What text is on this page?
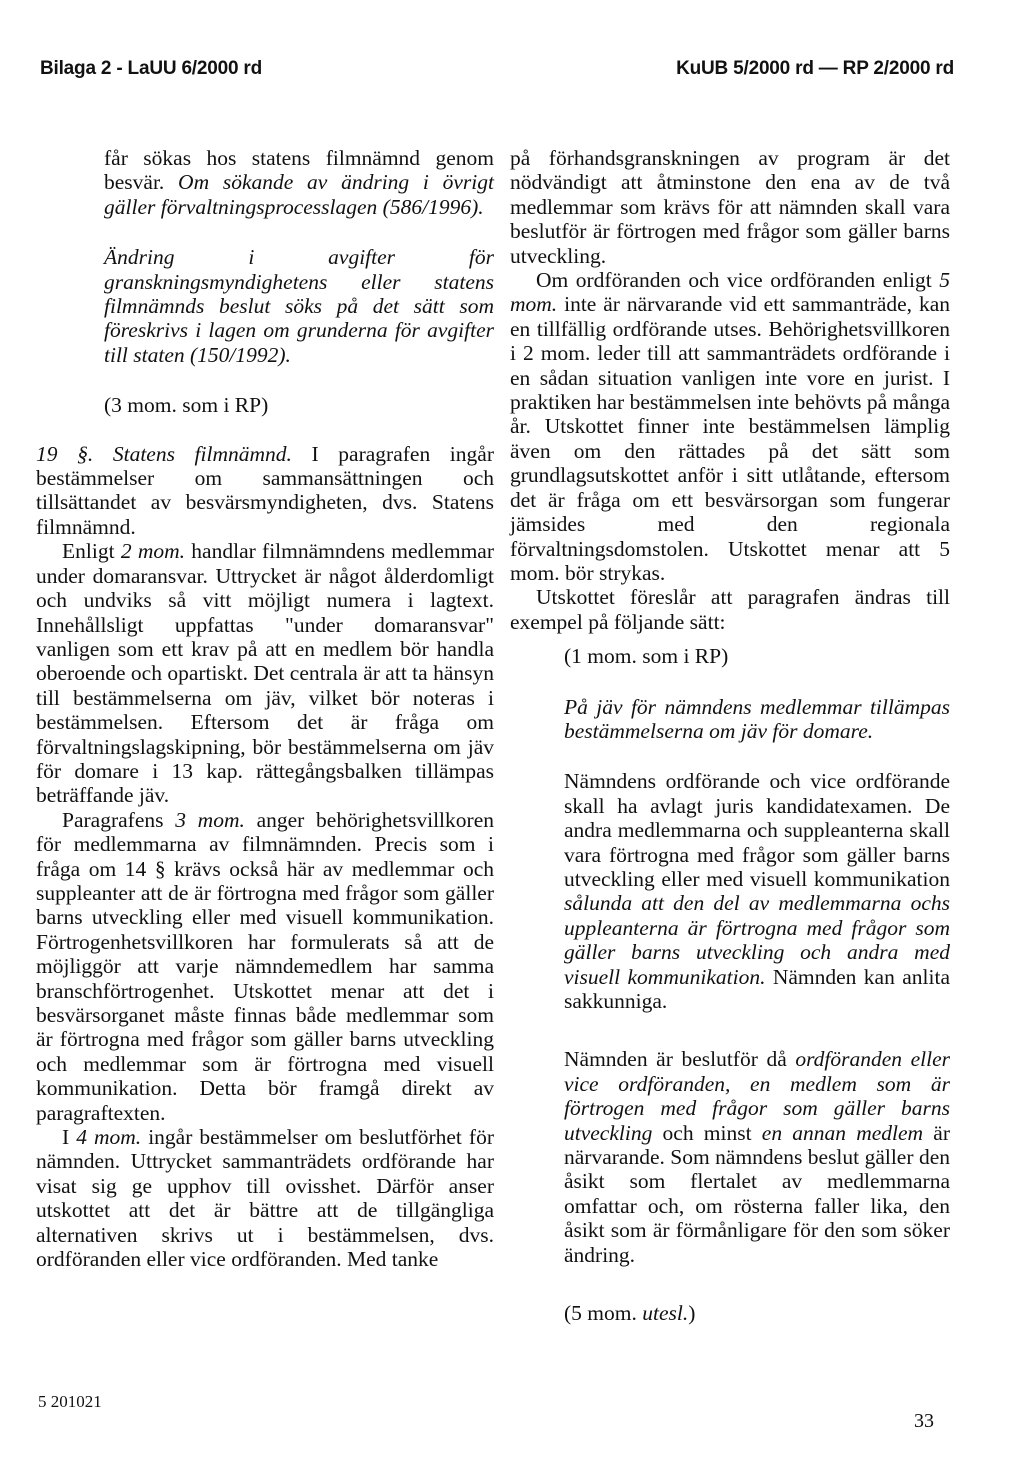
Bilaga 2 - LaUU 6/2000 rd	KuUB 5/2000 rd — RP 2/2000 rd

får sökas hos statens filmnämnd genom besvär. Om sökande av ändring i övrigt gäller förvaltningsprocesslagen (586/1996).

Ändring i avgifter för granskningsmyndighetens eller statens filmnämnds beslut söks på det sätt som föreskrivs i lagen om grunderna för avgifter till staten (150/1992).

(3 mom. som i RP)

19 §. Statens filmnämnd. I paragrafen ingår bestämmelser om sammansättningen och tillsättandet av besvärsmyndigheten, dvs. Statens filmnämnd.

Enligt 2 mom. handlar filmnämndens medlemmar under domaransvar. Uttrycket är något ålderdomligt och undviks så vitt möjligt numera i lagtext. Innehållsligt uppfattas "under domaransvar" vanligen som ett krav på att en medlem bör handla oberoende och opartiskt. Det centrala är att ta hänsyn till bestämmelserna om jäv, vilket bör noteras i bestämmelsen. Eftersom det är fråga om förvaltningslagskipning, bör bestämmelserna om jäv för domare i 13 kap. rättegångsbalken tillämpas beträffande jäv.

Paragrafens 3 mom. anger behörighetsvillkoren för medlemmarna av filmnämnden. Precis som i fråga om 14 § krävs också här av medlemmar och suppleanter att de är förtrogna med frågor som gäller barns utveckling eller med visuell kommunikation. Förtrogenhetsvillkoren har formulerats så att de möjliggör att varje nämndemedlem har samma branschförtrogenhet. Utskottet menar att det i besvärsorganet måste finnas både medlemmar som är förtrogna med frågor som gäller barns utveckling och medlemmar som är förtrogna med visuell kommunikation. Detta bör framgå direkt av paragraftexten.

I 4 mom. ingår bestämmelser om beslutförhet för nämnden. Uttrycket sammanträdets ordförande har visat sig ge upphov till ovisshet. Därför anser utskottet att det är bättre att de tillgängliga alternativen skrivs ut i bestämmelsen, dvs. ordföranden eller vice ordföranden. Med tanke

på förhandsgranskningen av program är det nödvändigt att åtminstone den ena av de två medlemmar som krävs för att nämnden skall vara beslutför är förtrogen med frågor som gäller barns utveckling.

Om ordföranden och vice ordföranden enligt 5 mom. inte är närvarande vid ett sammanträde, kan en tillfällig ordförande utses. Behörighetsvillkoren i 2 mom. leder till att sammanträdets ordförande i en sådan situation vanligen inte vore en jurist. I praktiken har bestämmelsen inte behövts på många år. Utskottet finner inte bestämmelsen lämplig även om den rättades på det sätt som grundlagsutskottet anför i sitt utlåtande, eftersom det är fråga om ett besvärsorgan som fungerar jämsides med den regionala förvaltningsdomstolen. Utskottet menar att 5 mom. bör strykas.

Utskottet föreslår att paragrafen ändras till exempel på följande sätt:

(1 mom. som i RP)

På jäv för nämndens medlemmar tillämpas bestämmelserna om jäv för domare.

Nämndens ordförande och vice ordförande skall ha avlagt juris kandidatexamen. De andra medlemmarna och suppleanterna skall vara förtrogna med frågor som gäller barns utveckling eller med visuell kommunikation sålunda att den del av medlemmarna ochs uppleanterna är förtrogna med frågor som gäller barns utveckling och andra med visuell kommunikation. Nämnden kan anlita sakkunniga.

Nämnden är beslutför då ordföranden eller vice ordföranden, en medlem som är förtrogen med frågor som gäller barns utveckling och minst en annan medlem är närvarande. Som nämndens beslut gäller den åsikt som flertalet av medlemmarna omfattar och, om rösterna faller lika, den åsikt som är förmånligare för den som söker ändring.

(5 mom. utesl.)

5 201021
33
